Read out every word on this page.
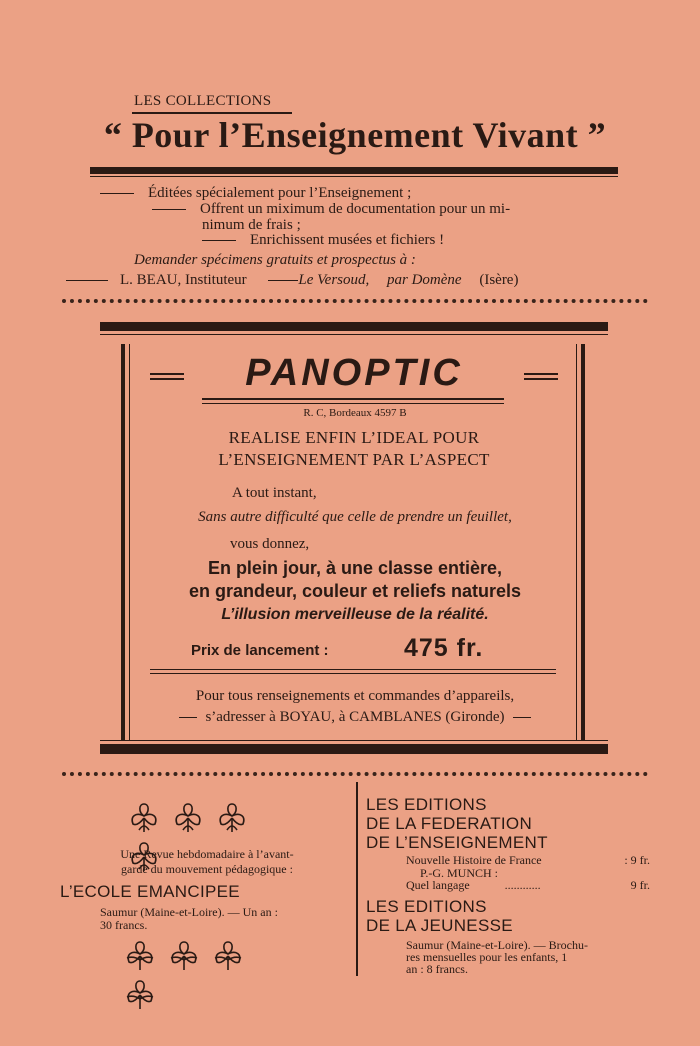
LES COLLECTIONS
“ Pour l’Enseignement Vivant ”
Éditées spécialement pour l’Enseignement ;
Offrent un miximum de documentation pour un mi-
nimum de frais ;
Enrichissent musées et fichiers !
Demander spécimens gratuits et prospectus à :
L. BEAU, Instituteur	Le Versoud, par Domène (Isère)
PANOPTIC
R. C, Bordeaux 4597 B
REALISE ENFIN L’IDEAL POUR
L’ENSEIGNEMENT PAR L’ASPECT
A tout instant,
Sans autre difficulté que celle de prendre un feuillet,
vous donnez,
En plein jour, à une classe entière,
en grandeur, couleur et reliefs naturels
L’illusion merveilleuse de la réalité.
Prix de lancement :	475 fr.
Pour tous renseignements et commandes d’appareils,
s’adresser à BOYAU, à CAMBLANES (Gironde)

Une Revue hebdomadaire à l’avant-
garde du mouvement pédagogique :
L’ECOLE EMANCIPEE
Saumur (Maine-et-Loire). — Un an :
30 francs.

LES EDITIONS
DE LA FEDERATION
DE L’ENSEIGNEMENT
Nouvelle Histoire de France	: 9 fr.
P.-G. MUNCH :
Quel langage	............	9 fr.
LES EDITIONS
DE LA JEUNESSE
Saumur (Maine-et-Loire). — Brochu-
res mensuelles pour les enfants, 1
an : 8 francs.
